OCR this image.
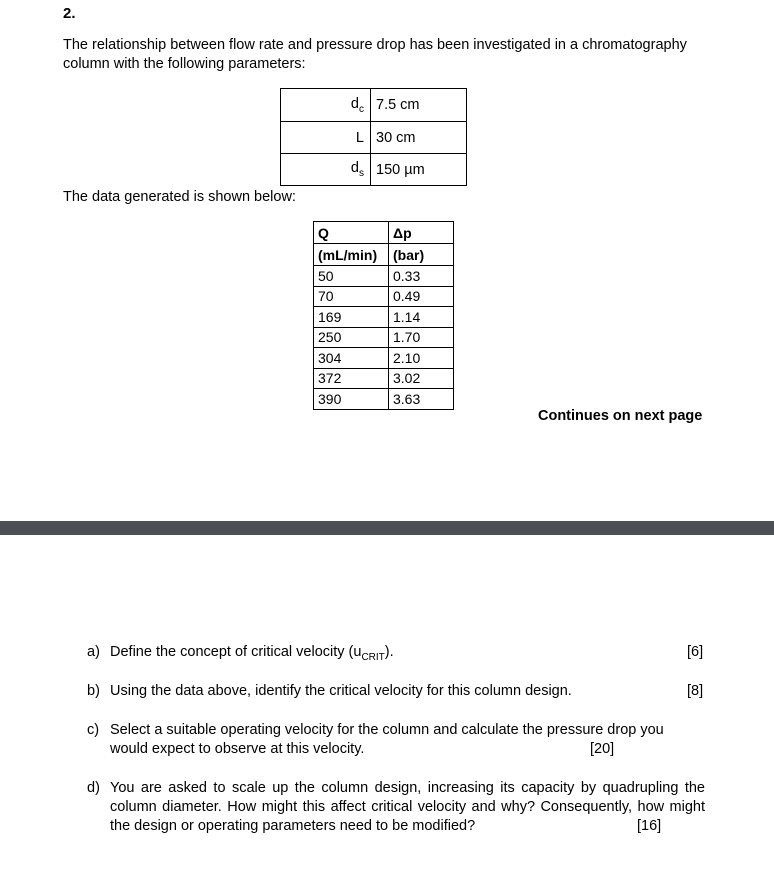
2.
The relationship between flow rate and pressure drop has been investigated in a chromatography column with the following parameters:
$d_c$	7.5 cm
L	30 cm
$d_s$	150 µm
The data generated is shown below:
Q	Δp
(mL/min)	(bar)
50	0.33
70	0.49
169	1.14
250	1.70
304	2.10
372	3.02
390	3.63
Continues on next page
a) Define the concept of critical velocity $(u_{CRIT})$.	[6]
b) Using the data above, identify the critical velocity for this column design.	[8]
c) Select a suitable operating velocity for the column and calculate the pressure drop you would expect to observe at this velocity.	[20]
d) You are asked to scale up the column design, increasing its capacity by quadrupling the column diameter. How might this affect critical velocity and why? Consequently, how might the design or operating parameters need to be modified?	[16]
